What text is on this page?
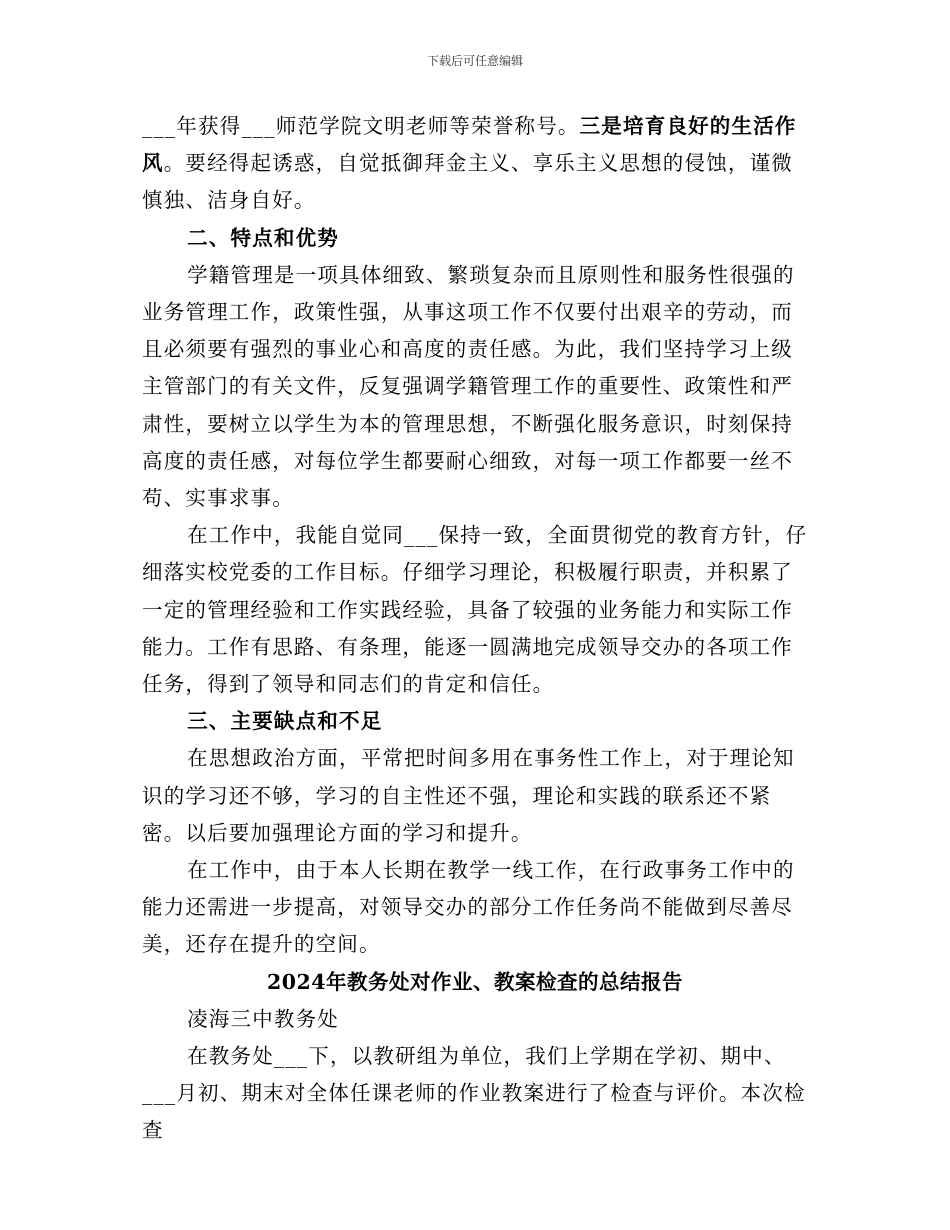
下载后可任意编辑

___年获得___师范学院文明老师等荣誉称号。三是培育良好的生活作风。要经得起诱惑，自觉抵御拜金主义、享乐主义思想的侵蚀，谨微慎独、洁身自好。

二、特点和优势

学籍管理是一项具体细致、繁琐复杂而且原则性和服务性很强的业务管理工作，政策性强，从事这项工作不仅要付出艰辛的劳动，而且必须要有强烈的事业心和高度的责任感。为此，我们坚持学习上级主管部门的有关文件，反复强调学籍管理工作的重要性、政策性和严肃性，要树立以学生为本的管理思想，不断强化服务意识，时刻保持高度的责任感，对每位学生都要耐心细致，对每一项工作都要一丝不苟、实事求事。

在工作中，我能自觉同___保持一致，全面贯彻党的教育方针，仔细落实校党委的工作目标。仔细学习理论，积极履行职责，并积累了一定的管理经验和工作实践经验，具备了较强的业务能力和实际工作能力。工作有思路、有条理，能逐一圆满地完成领导交办的各项工作任务，得到了领导和同志们的肯定和信任。

三、主要缺点和不足

在思想政治方面，平常把时间多用在事务性工作上，对于理论知识的学习还不够，学习的自主性还不强，理论和实践的联系还不紧密。以后要加强理论方面的学习和提升。

在工作中，由于本人长期在教学一线工作，在行政事务工作中的能力还需进一步提高，对领导交办的部分工作任务尚不能做到尽善尽美，还存在提升的空间。

2024年教务处对作业、教案检查的总结报告

凌海三中教务处

在教务处___下，以教研组为单位，我们上学期在学初、期中、___月初、期末对全体任课老师的作业教案进行了检查与评价。本次检查
